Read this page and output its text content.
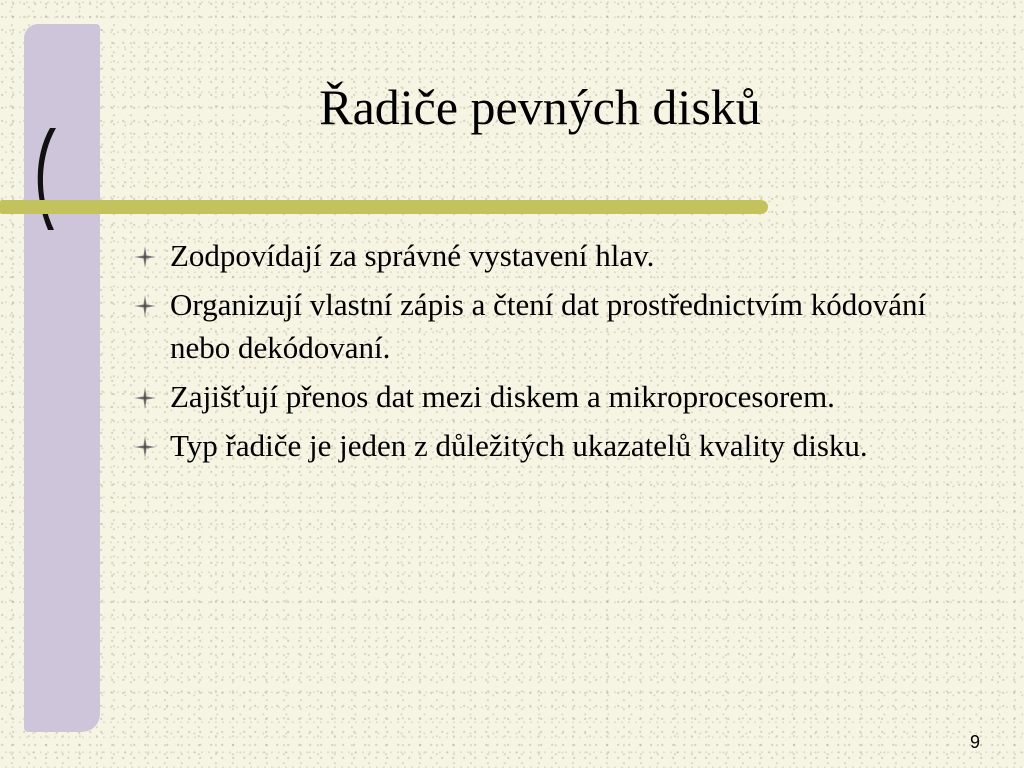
Řadiče pevných disků
Zodpovídají za správné vystavení hlav.
Organizují vlastní zápis a čtení dat prostřednictvím kódování nebo dekódovaní.
Zajišťují přenos dat mezi diskem a mikroprocesorem.
Typ řadiče je jeden z důležitých ukazatelů kvality disku.
9
